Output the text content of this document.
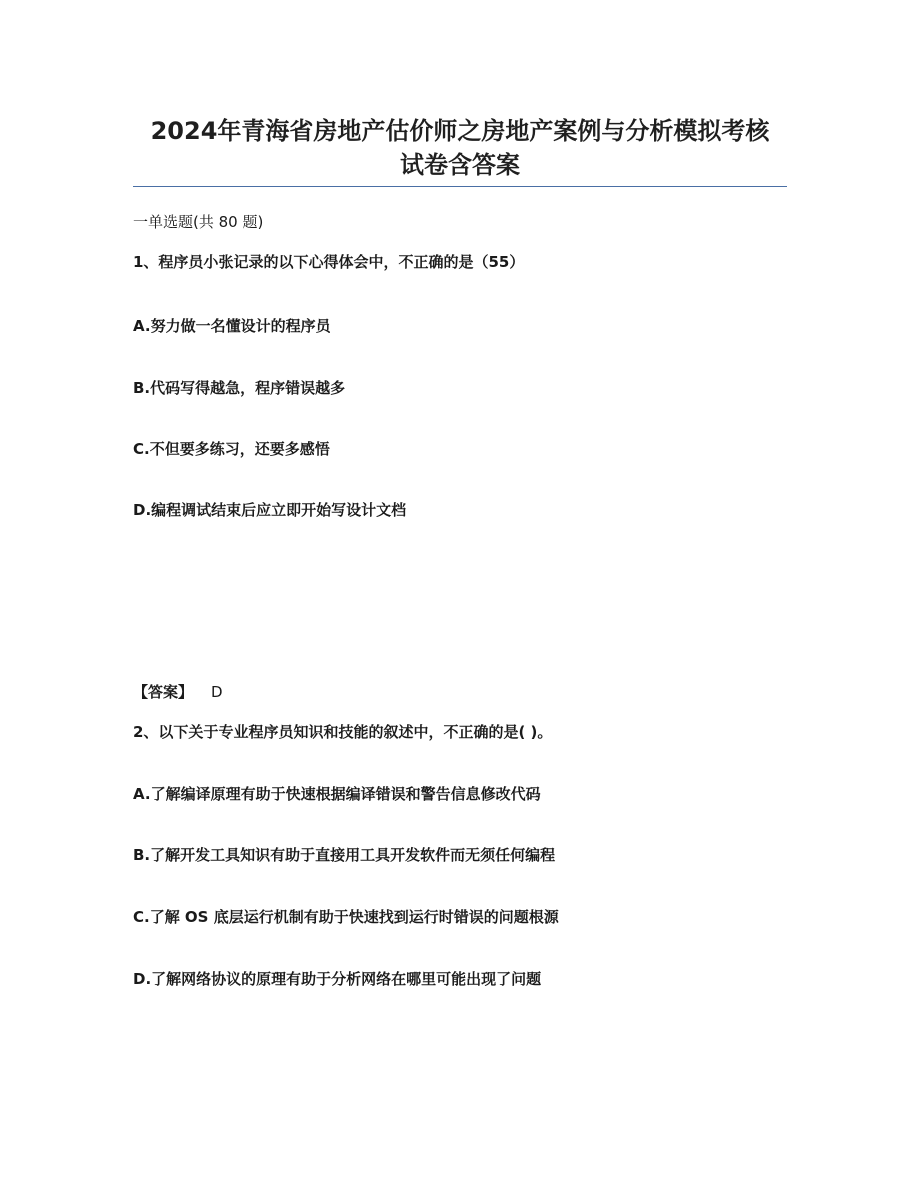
2024年青海省房地产估价师之房地产案例与分析模拟考核
试卷含答案
一单选题(共 80 题)
1、程序员小张记录的以下心得体会中，不正确的是（55）
A.努力做一名懂设计的程序员
B.代码写得越急，程序错误越多
C.不但要多练习，还要多感悟
D.编程调试结束后应立即开始写设计文档
【答案】 D
2、以下关于专业程序员知识和技能的叙述中，不正确的是( )。
A.了解编译原理有助于快速根据编译错误和警告信息修改代码
B.了解开发工具知识有助于直接用工具开发软件而无须任何编程
C.了解 OS 底层运行机制有助于快速找到运行时错误的问题根源
D.了解网络协议的原理有助于分析网络在哪里可能出现了问题
